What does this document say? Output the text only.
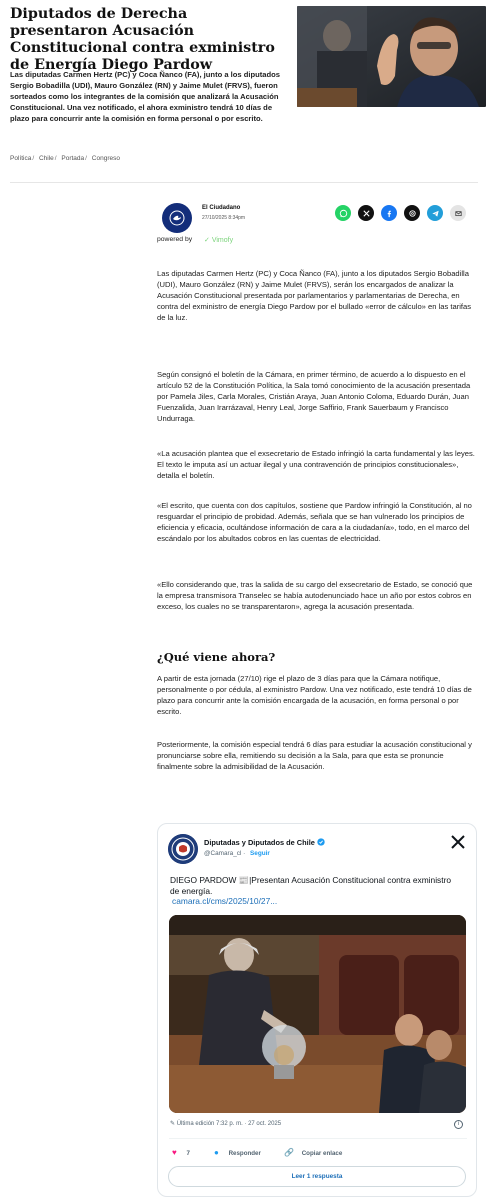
Diputados de Derecha presentaron Acusación Constitucional contra exministro de Energía Diego Pardow

Las diputadas Carmen Hertz (PC) y Coca Ñanco (FA), junto a los diputados Sergio Bobadilla (UDI), Mauro González (RN) y Jaime Mulet (FRVS), fueron sorteados como los integrantes de la comisión que analizará la Acusación Constitucional. Una vez notificado, el ahora exministro tendrá 10 días de plazo para concurrir ante la comisión en forma personal o por escrito.

Política/ Chile/ Portada/ Congreso
El Ciudadano
27/10/2025 8:34pm
powered by ✓ Vimofy

Las diputadas Carmen Hertz (PC) y Coca Ñanco (FA), junto a los diputados Sergio Bobadilla (UDI), Mauro González (RN) y Jaime Mulet (FRVS), serán los encargados de analizar la Acusación Constitucional presentada por parlamentarios y parlamentarias de Derecha, en contra del exministro de energía Diego Pardow por el bullado «error de cálculo» en las tarifas de la luz.

Según consignó el boletín de la Cámara, en primer término, de acuerdo a lo dispuesto en el artículo 52 de la Constitución Política, la Sala tomó conocimiento de la acusación presentada por Pamela Jiles, Carla Morales, Cristián Araya, Juan Antonio Coloma, Eduardo Durán, Juan Fuenzalida, Juan Irarrázaval, Henry Leal, Jorge Saffirio, Frank Sauerbaum y Francisco Undurraga.

«La acusación plantea que el exsecretario de Estado infringió la carta fundamental y las leyes. El texto le imputa así un actuar ilegal y una contravención de principios constitucionales», detalla el boletín.

«El escrito, que cuenta con dos capítulos, sostiene que Pardow infringió la Constitución, al no resguardar el principio de probidad. Además, señala que se han vulnerado los principios de eficiencia y eficacia, ocultándose información de cara a la ciudadanía», todo, en el marco del escándalo por los abultados cobros en las cuentas de electricidad.

«Ello considerando que, tras la salida de su cargo del exsecretario de Estado, se conoció que la empresa transmisora Transelec se había autodenunciado hace un año por estos cobros en exceso, los cuales no se transparentaron», agrega la acusación presentada.

¿Qué viene ahora?

A partir de esta jornada (27/10) rige el plazo de 3 días para que la Cámara notifique, personalmente o por cédula, al exministro Pardow. Una vez notificado, este tendrá 10 días de plazo para concurrir ante la comisión encargada de la acusación, en forma personal o por escrito.

Posteriormente, la comisión especial tendrá 6 días para estudiar la acusación constitucional y pronunciarse sobre ella, remitiendo su decisión a la Sala, para que esta se pronuncie finalmente sobre la admisibilidad de la Acusación.

Diputadas y Diputados de Chile
@Camara_cl · Seguir
DIEGO PARDOW 📰|Presentan Acusación Constitucional contra exministro de energía.
camara.cl/cms/2025/10/27...
✎ Última edición 7:32 p. m. · 27 oct. 2025	i
♥ 7	● Responder	🔗 Copiar enlace
Leer 1 respuesta
